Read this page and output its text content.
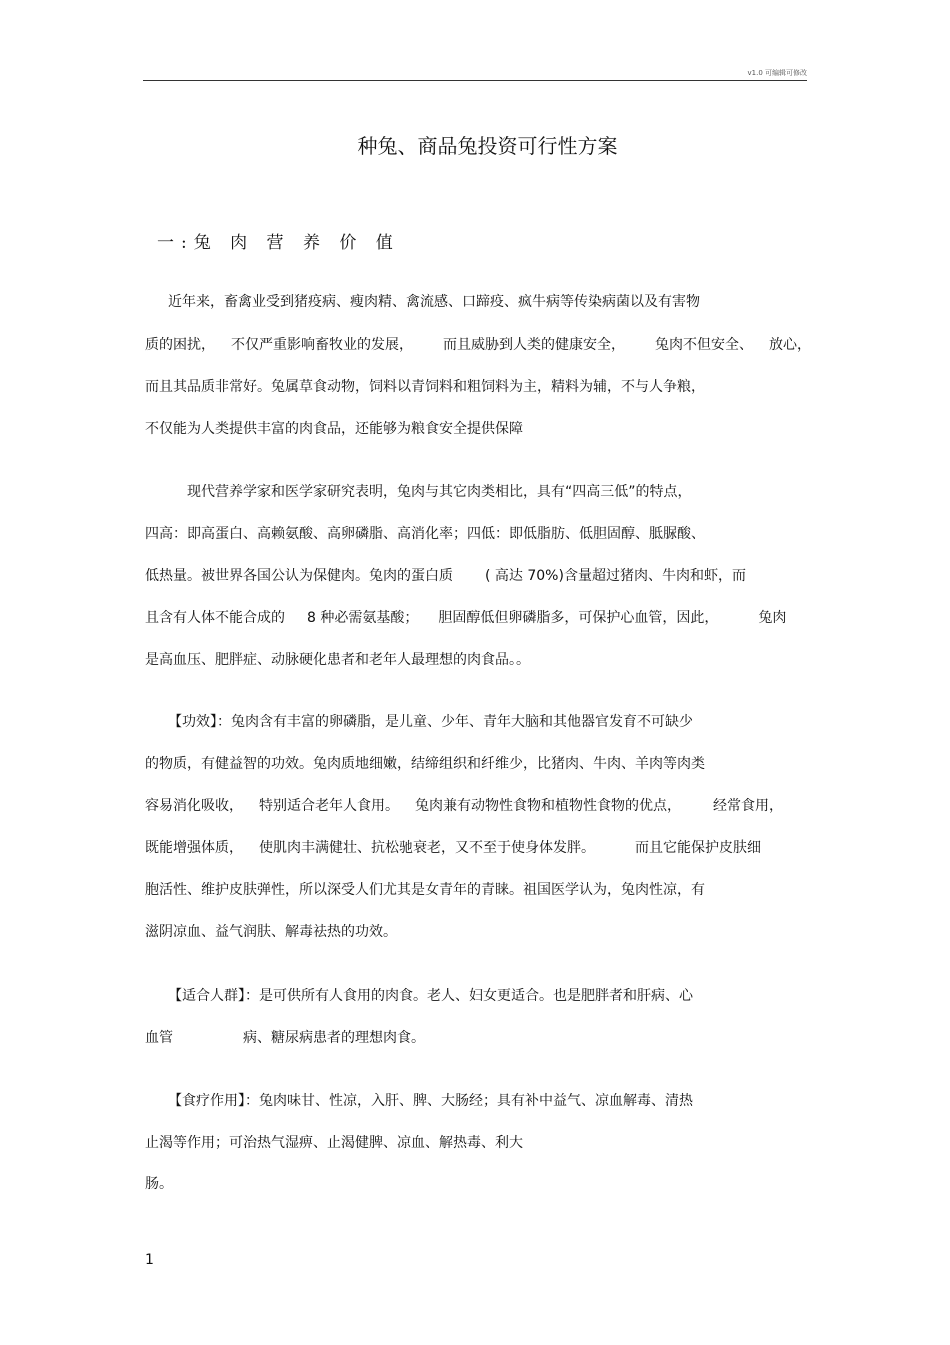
v1.0 可编辑可修改
种兔、商品兔投资可行性方案
一:兔 肉 营 养 价 值
近年来，畜禽业受到猪疫病、瘦肉精、禽流感、口蹄疫、疯牛病等传染病菌以及有害物
质的困扰， 不仅严重影响畜牧业的发展， 而且威胁到人类的健康安全， 兔肉不但安全、 放心，
而且其品质非常好。兔属草食动物，饲料以青饲料和粗饲料为主，精料为辅，不与人争粮，
不仅能为人类提供丰富的肉食品，还能够为粮食安全提供保障
现代营养学家和医学家研究表明，兔肉与其它肉类相比，具有“四高三低”的特点，
四高：即高蛋白、高赖氨酸、高卵磷脂、高消化率；四低：即低脂肪、低胆固醇、胝脲酸、
低热量。被世界各国公认为保健肉。兔肉的蛋白质 ( 高达 70%)含量超过猪肉、牛肉和虾，而
且含有人体不能合成的 8 种必需氨基酸； 胆固醇低但卵磷脂多，可保护心血管，因此，	兔肉
是高血压、肥胖症、动脉硬化患者和老年人最理想的肉食品。。
【功效】：兔肉含有丰富的卵磷脂，是儿童、少年、青年大脑和其他器官发育不可缺少
的物质，有健益智的功效。兔肉质地细嫩，结缔组织和纤维少，比猪肉、牛肉、羊肉等肉类
容易消化吸收， 特别适合老年人食用。 兔肉兼有动物性食物和植物性食物的优点， 经常食用，
既能增强体质， 使肌肉丰满健壮、抗松驰衰老，又不至于使身体发胖。	而且它能保护皮肤细
胞活性、维护皮肤弹性，所以深受人们尤其是女青年的青睐。祖国医学认为，兔肉性凉，有
滋阴凉血、益气润肤、解毒祛热的功效。
【适合人群】：是可供所有人食用的肉食。老人、妇女更适合。也是肥胖者和肝病、心
血管	病、糖尿病患者的理想肉食。
【食疗作用】：兔肉味甘、性凉，入肝、脾、大肠经；具有补中益气、凉血解毒、清热
止渴等作用；可治热气湿痹、止渴健脾、凉血、解热毒、利大
肠。
1
